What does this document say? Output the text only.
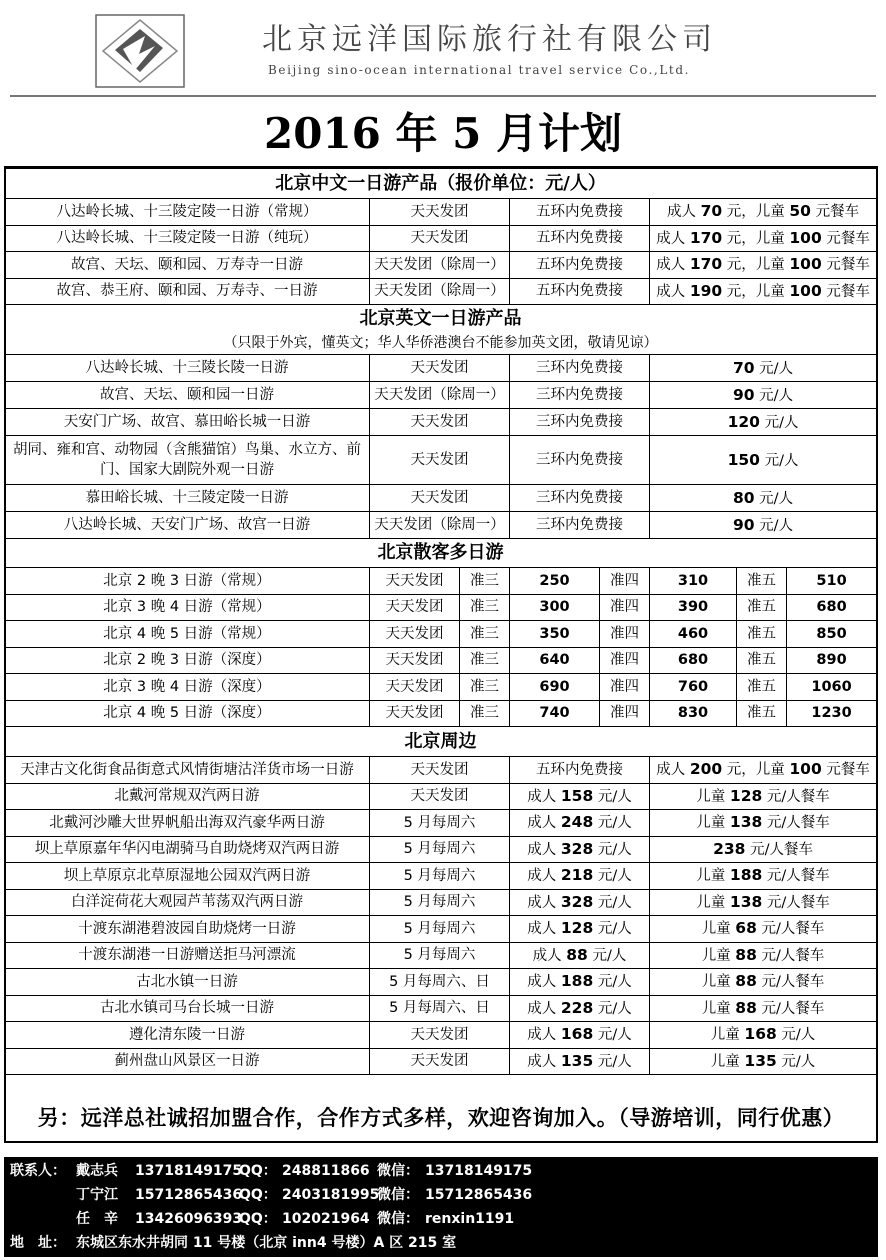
北京远洋国际旅行社有限公司
Beijing sino-ocean international travel service Co.,Ltd.
2016 年 5 月计划
北京中文一日游产品（报价单位：元/人）							
八达岭长城、十三陵定陵一日游（常规）	天天发团		五环内免费接		成人 70 元，儿童 50 元餐车		
八达岭长城、十三陵定陵一日游（纯玩）	天天发团		五环内免费接		成人 170 元，儿童 100 元餐车		
故宫、天坛、颐和园、万寿寺一日游	天天发团（除周一）		五环内免费接		成人 170 元，儿童 100 元餐车		
故宫、恭王府、颐和园、万寿寺、一日游	天天发团（除周一）		五环内免费接		成人 190 元，儿童 100 元餐车		
北京英文一日游产品							
（只限于外宾，懂英文；华人华侨港澳台不能参加英文团，敬请见谅）							
八达岭长城、十三陵长陵一日游	天天发团		三环内免费接		70 元/人		
故宫、天坛、颐和园一日游	天天发团（除周一）		三环内免费接		90 元/人		
天安门广场、故宫、慕田峪长城一日游	天天发团		三环内免费接		120 元/人		
胡同、雍和宫、动物园（含熊猫馆）鸟巢、水立方、前门、国家大剧院外观一日游	天天发团		三环内免费接		150 元/人		
慕田峪长城、十三陵定陵一日游	天天发团		三环内免费接		80 元/人		
八达岭长城、天安门广场、故宫一日游	天天发团（除周一）		三环内免费接		90 元/人		
北京散客多日游							
北京 2 晚 3 日游（常规）	天天发团	准三	250	准四	310	准五	510
北京 3 晚 4 日游（常规）	天天发团	准三	300	准四	390	准五	680
北京 4 晚 5 日游（常规）	天天发团	准三	350	准四	460	准五	850
北京 2 晚 3 日游（深度）	天天发团	准三	640	准四	680	准五	890
北京 3 晚 4 日游（深度）	天天发团	准三	690	准四	760	准五	1060
北京 4 晚 5 日游（深度）	天天发团	准三	740	准四	830	准五	1230
北京周边							
天津古文化街食品街意式风情街塘沽洋货市场一日游	天天发团		五环内免费接		成人 200 元，儿童 100 元餐车		
北戴河常规双汽两日游	天天发团		成人 158 元/人		儿童 128 元/人餐车		
北戴河沙雕大世界帆船出海双汽豪华两日游	5 月每周六		成人 248 元/人		儿童 138 元/人餐车		
坝上草原嘉年华闪电湖骑马自助烧烤双汽两日游	5 月每周六		成人 328 元/人		238 元/人餐车		
坝上草原京北草原湿地公园双汽两日游	5 月每周六		成人 218 元/人		儿童 188 元/人餐车		
白洋淀荷花大观园芦苇荡双汽两日游	5 月每周六		成人 328 元/人		儿童 138 元/人餐车		
十渡东湖港碧波园自助烧烤一日游	5 月每周六		成人 128 元/人		儿童 68 元/人餐车		
十渡东湖港一日游赠送拒马河漂流	5 月每周六		成人 88 元/人		儿童 88 元/人餐车		
古北水镇一日游	5 月每周六、日		成人 188 元/人		儿童 88 元/人餐车		
古北水镇司马台长城一日游	5 月每周六、日		成人 228 元/人		儿童 88 元/人餐车		
遵化清东陵一日游	天天发团		成人 168 元/人		儿童 168 元/人		
蓟州盘山风景区一日游	天天发团		成人 135 元/人		儿童 135 元/人		
另：远洋总社诚招加盟合作，合作方式多样，欢迎咨询加入。（导游培训，同行优惠）
联系人： 戴志兵 13718149175
QQ： 248811866 微信： 13718149175
丁宁江 15712865436
QQ： 2403181995
微信： 15712865436
任　辛 13426096393
QQ： 102021964 微信： renxin1191
地　址： 东城区东水井胡同 11 号楼（北京 inn4 号楼）A 区 215 室
